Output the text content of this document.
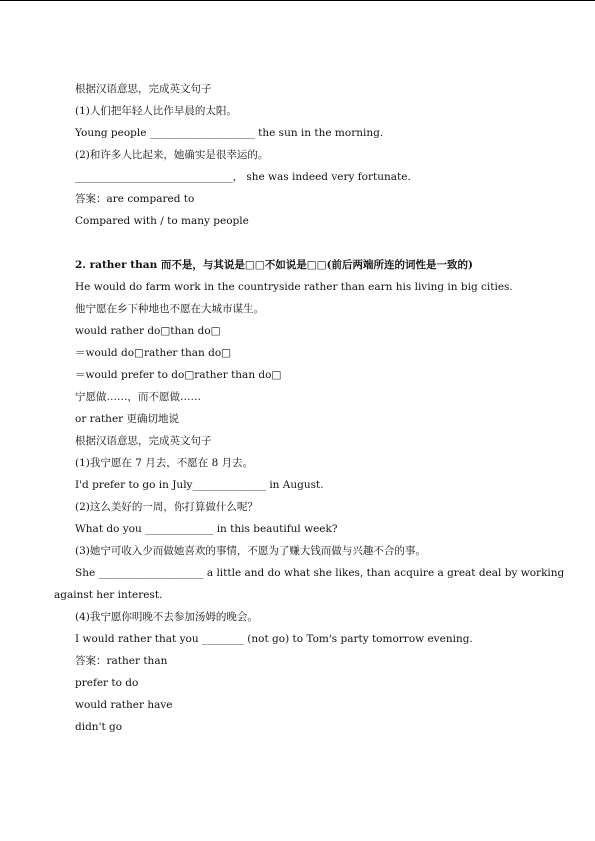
根据汉语意思，完成英文句子
(1)人们把年轻人比作早晨的太阳。
Young people ____________________ the sun in the morning.
(2)和许多人比起来，她确实是很幸运的。
______________________________， she was indeed very fortunate.
答案：are compared to
Compared with / to many people
2. rather than 而不是，与其说是□□不如说是□□(前后两端所连的词性是一致的)
He would do farm work in the countryside rather than earn his living in big cities.
他宁愿在乡下种地也不愿在大城市谋生。
would rather do□than do□
＝would do□rather than do□
＝would prefer to do□rather than do□
宁愿做……，而不愿做……
or rather 更确切地说
根据汉语意思，完成英文句子
(1)我宁愿在 7 月去，不愿在 8 月去。
I'd prefer to go in July______________ in August.
(2)这么美好的一周，你打算做什么呢？
What do you _____________ in this beautiful week?
(3)她宁可收入少而做她喜欢的事情，不愿为了赚大钱而做与兴趣不合的事。
She ____________________ a little and do what she likes, than acquire a great deal by working
against her interest.
(4)我宁愿你明晚不去参加汤姆的晚会。
I would rather that you ________ (not go) to Tom's party tomorrow evening.
答案：rather than
prefer to do
would rather have
didn't go
